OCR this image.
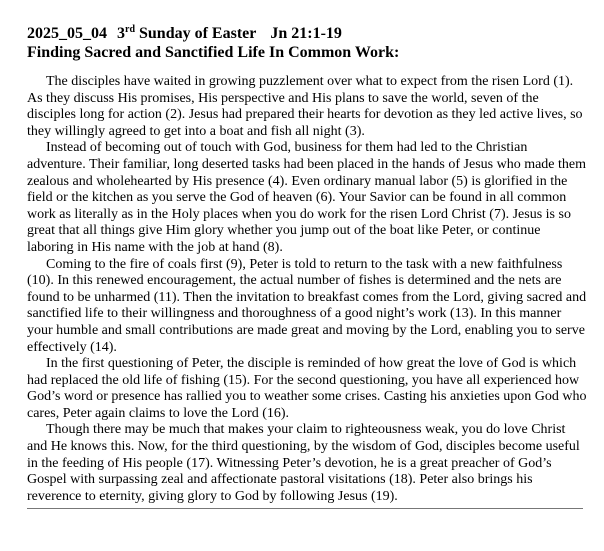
2025_05_04 3rd Sunday of Easter Jn 21:1-19

Finding Sacred and Sanctified Life In Common Work:

The disciples have waited in growing puzzlement over what to expect from the risen Lord (1). As they discuss His promises, His perspective and His plans to save the world, seven of the disciples long for action (2). Jesus had prepared their hearts for devotion as they led active lives, so they willingly agreed to get into a boat and fish all night (3).

Instead of becoming out of touch with God, business for them had led to the Christian adventure. Their familiar, long deserted tasks had been placed in the hands of Jesus who made them zealous and wholehearted by His presence (4). Even ordinary manual labor (5) is glorified in the field or the kitchen as you serve the God of heaven (6). Your Savior can be found in all common work as literally as in the Holy places when you do work for the risen Lord Christ (7). Jesus is so great that all things give Him glory whether you jump out of the boat like Peter, or continue laboring in His name with the job at hand (8).

Coming to the fire of coals first (9), Peter is told to return to the task with a new faithfulness (10). In this renewed encouragement, the actual number of fishes is determined and the nets are found to be unharmed (11). Then the invitation to breakfast comes from the Lord, giving sacred and sanctified life to their willingness and thoroughness of a good night’s work (13). In this manner your humble and small contributions are made great and moving by the Lord, enabling you to serve effectively (14).

In the first questioning of Peter, the disciple is reminded of how great the love of God is which had replaced the old life of fishing (15). For the second questioning, you have all experienced how God’s word or presence has rallied you to weather some crises. Casting his anxieties upon God who cares, Peter again claims to love the Lord (16).

Though there may be much that makes your claim to righteousness weak, you do love Christ and He knows this. Now, for the third questioning, by the wisdom of God, disciples become useful in the feeding of His people (17). Witnessing Peter’s devotion, he is a great preacher of God’s Gospel with surpassing zeal and affectionate pastoral visitations (18). Peter also brings his reverence to eternity, giving glory to God by following Jesus (19).
